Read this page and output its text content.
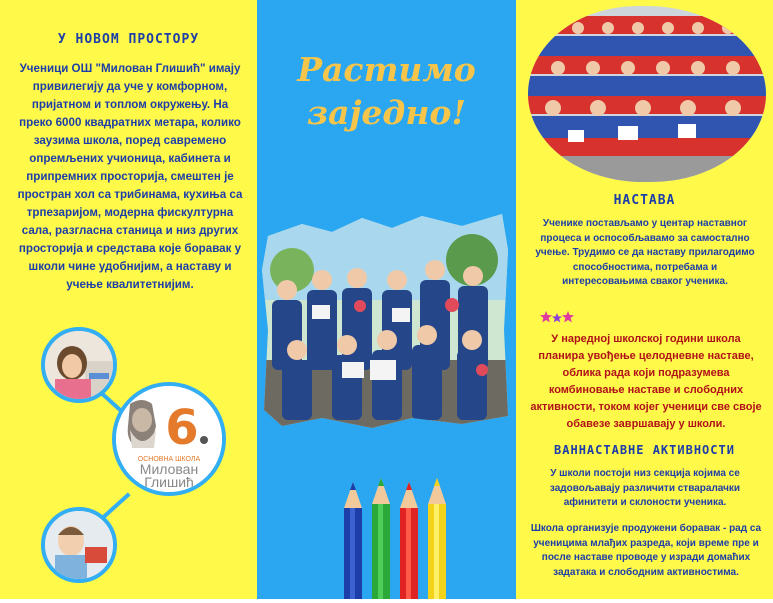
У НОВОМ ПРОСТОРУ
Ученици ОШ "Милован Глишић" имају привилегију да уче у комфорном, пријатном и топлом окружењу. На преко 6000 квадратних метара, колико заузима школа, поред савремено опремљених учионица, кабинета и припремних просторија, смештен је простран хол са трибинама, кухиња са трпезаријом, модерна фискултурна сала, разгласна станица и низ других просторија и средстава које боравак у школи чине удобнијим, а наставу и учење квалитетнијим.
6
ОСНОВНА ШКОЛА
Милован
Глишић
Растимо заједно!
НАСТАВА
Ученике постављамо у центар наставног процеса и оспособљавамо за самостално учење. Трудимо се да наставу прилагодимо способностима, потребама и интересовањима сваког ученика.
У наредној школској години школа планира увођење целодневне наставе, облика рада који подразумева комбиновање наставе и слободних активности, током којег ученици све своје обавезе завршавају у школи.
ВАННАСТАВНЕ АКТИВНОСТИ
У школи постоји низ секција којима се задовољавају различити стваралачки афинитети и склоности ученика.
Школа организује продужени боравак - рад са ученицима млађих разреда, који време пре и после наставе проводе у изради домаћих задатака и слободним активностима.
